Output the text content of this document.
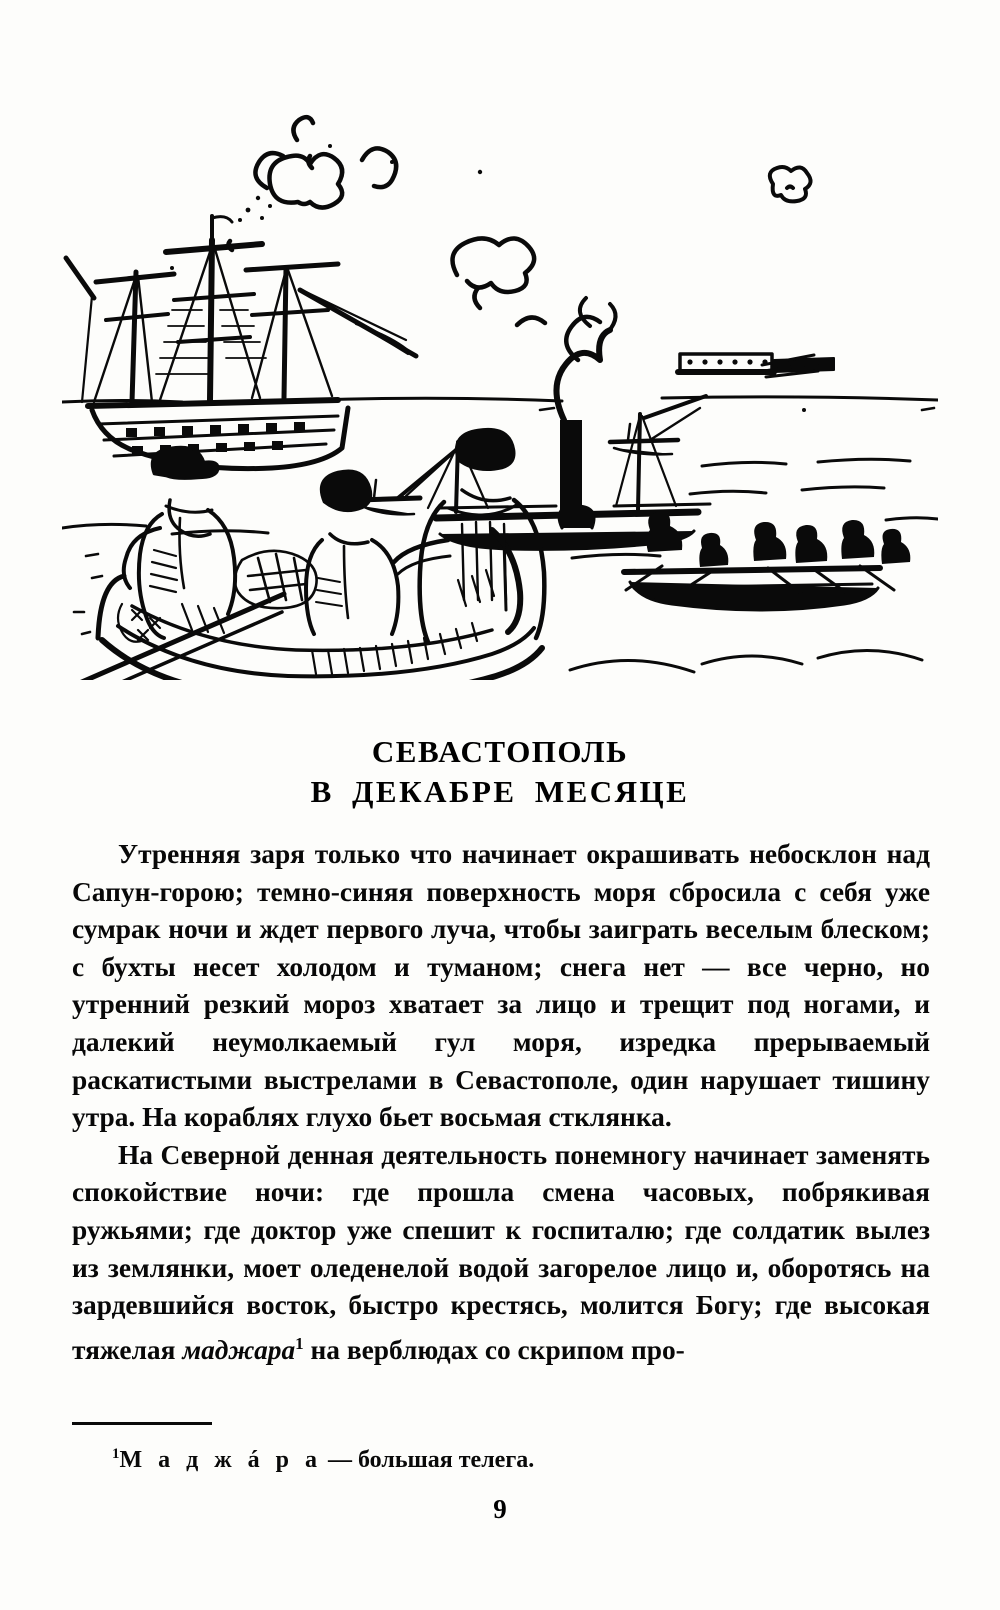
СЕВАСТОПОЛЬ
В ДЕКАБРЕ МЕСЯЦЕ

Утренняя заря только что начинает окрашивать небосклон над Сапун-горою; темно-синяя поверхность моря сбросила с себя уже сумрак ночи и ждет первого луча, чтобы заиграть веселым блеском; с бухты несет холодом и туманом; снега нет — все черно, но утренний резкий мороз хватает за лицо и трещит под ногами, и далекий неумолкаемый гул моря, изредка прерываемый раскатистыми выстрелами в Севастополе, один нарушает тишину утра. На кораблях глухо бьет восьмая стклянка.

На Северной денная деятельность понемногу начинает заменять спокойствие ночи: где прошла смена часовых, побрякивая ружьями; где доктор уже спешит к госпиталю; где солдатик вылез из землянки, моет оледенелой водой загорелое лицо и, оборотясь на зардевшийся восток, быстро крестясь, молится Богу; где высокая тяжелая маджара$^1$ на верблюдах со скрипом про-

$^1$М а д ж á р а — большая телега.

9
